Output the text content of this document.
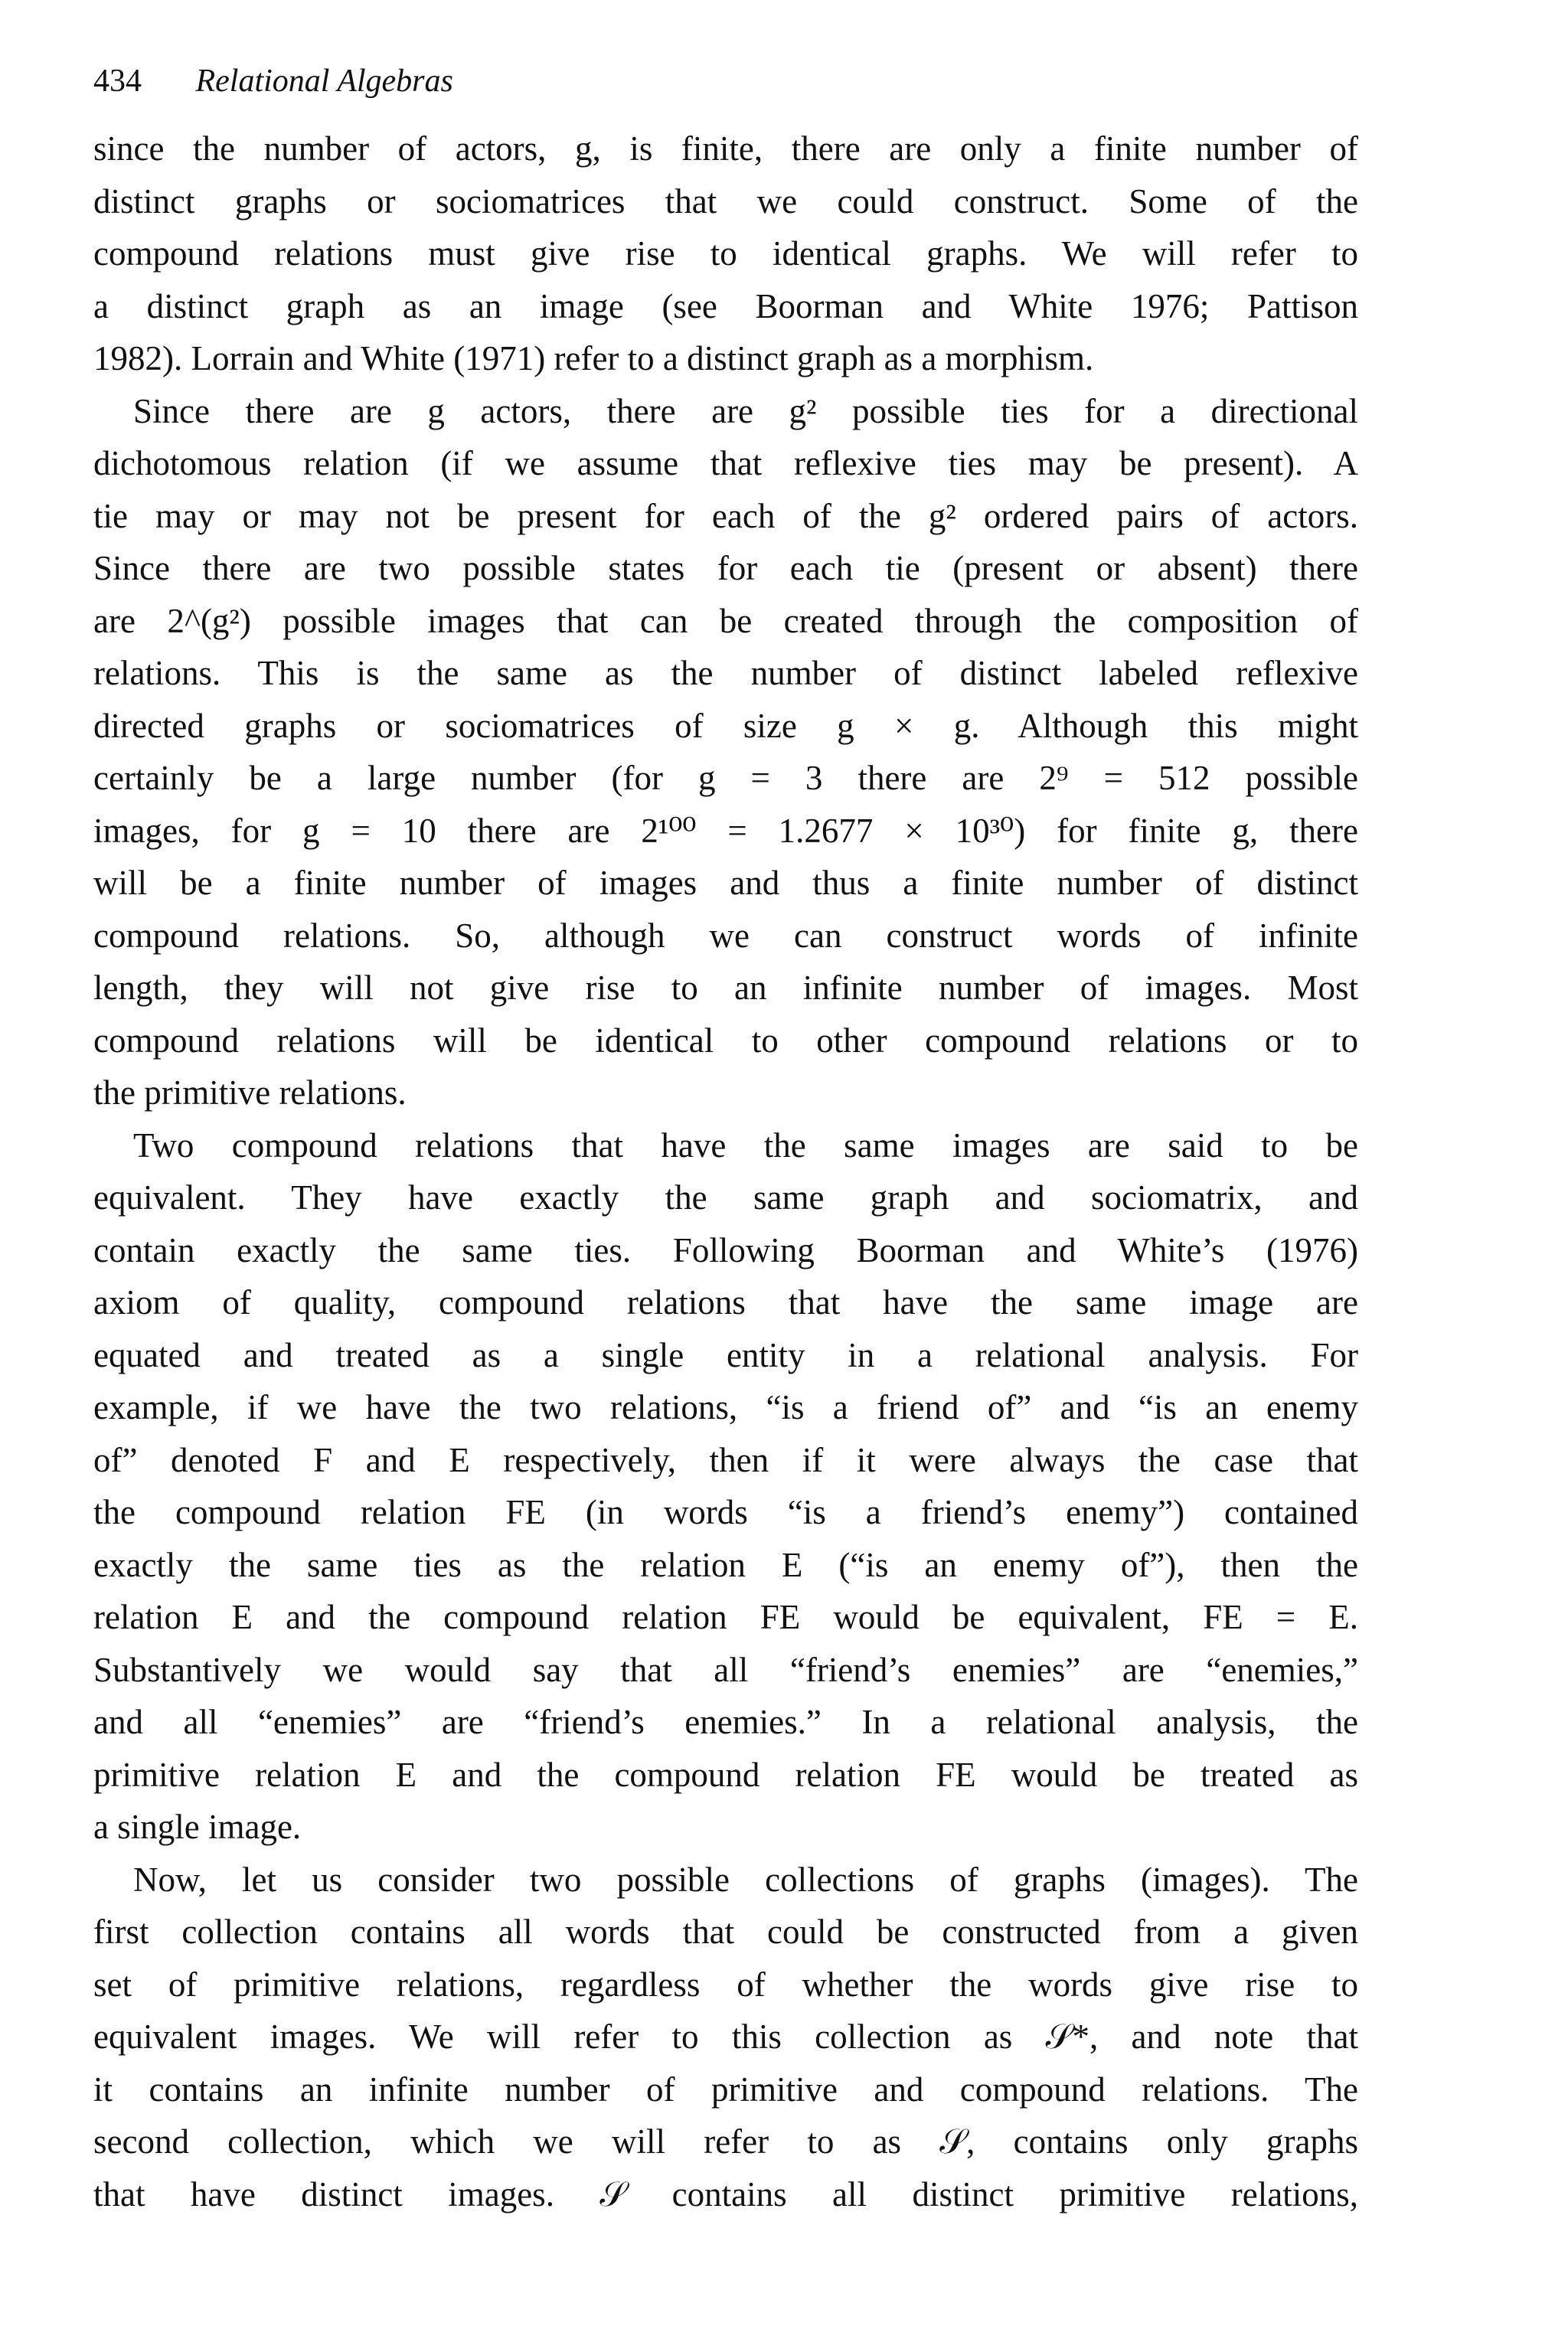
434 Relational Algebras
since the number of actors, g, is finite, there are only a finite number of
distinct graphs or sociomatrices that we could construct. Some of the
compound relations must give rise to identical graphs. We will refer to
a distinct graph as an image (see Boorman and White 1976; Pattison
1982). Lorrain and White (1971) refer to a distinct graph as a morphism.
Since there are g actors, there are g² possible ties for a directional
dichotomous relation (if we assume that reflexive ties may be present). A
tie may or may not be present for each of the g² ordered pairs of actors.
Since there are two possible states for each tie (present or absent) there
are 2^(g²) possible images that can be created through the composition of
relations. This is the same as the number of distinct labeled reflexive
directed graphs or sociomatrices of size g × g. Although this might
certainly be a large number (for g = 3 there are 2⁹ = 512 possible
images, for g = 10 there are 2¹⁰⁰ = 1.2677 × 10³⁰) for finite g, there
will be a finite number of images and thus a finite number of distinct
compound relations. So, although we can construct words of infinite
length, they will not give rise to an infinite number of images. Most
compound relations will be identical to other compound relations or to
the primitive relations.
Two compound relations that have the same images are said to be
equivalent. They have exactly the same graph and sociomatrix, and
contain exactly the same ties. Following Boorman and White’s (1976)
axiom of quality, compound relations that have the same image are
equated and treated as a single entity in a relational analysis. For
example, if we have the two relations, “is a friend of” and “is an enemy
of” denoted F and E respectively, then if it were always the case that
the compound relation FE (in words “is a friend’s enemy”) contained
exactly the same ties as the relation E (“is an enemy of”), then the
relation E and the compound relation FE would be equivalent, FE = E.
Substantively we would say that all “friend’s enemies” are “enemies,”
and all “enemies” are “friend’s enemies.” In a relational analysis, the
primitive relation E and the compound relation FE would be treated as
a single image.
Now, let us consider two possible collections of graphs (images). The
first collection contains all words that could be constructed from a given
set of primitive relations, regardless of whether the words give rise to
equivalent images. We will refer to this collection as 𝒮*, and note that
it contains an infinite number of primitive and compound relations. The
second collection, which we will refer to as 𝒮, contains only graphs
that have distinct images. 𝒮 contains all distinct primitive relations,
